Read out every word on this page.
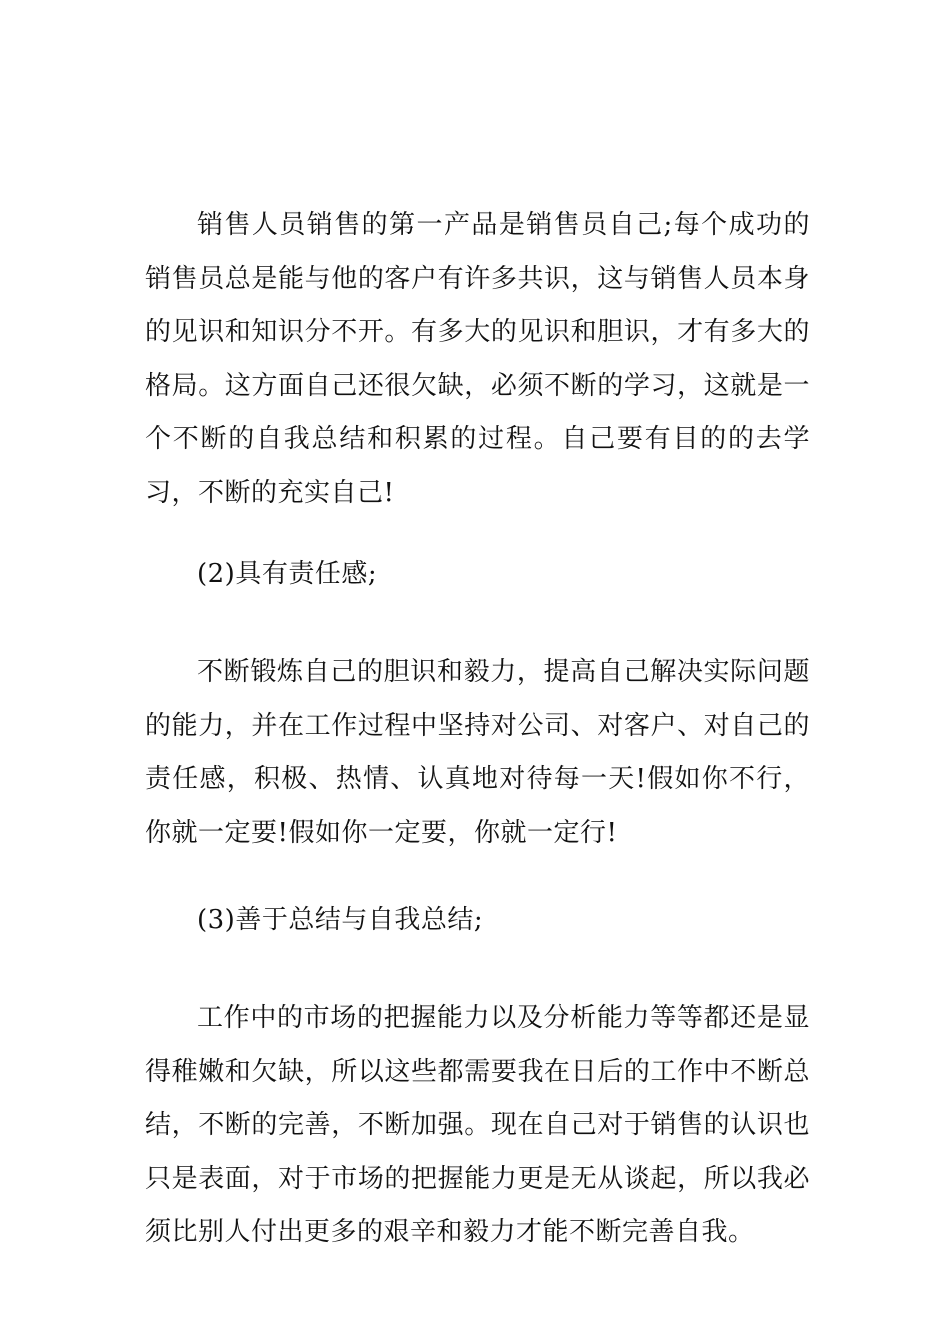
销售人员销售的第一产品是销售员自己;每个成功的销售员总是能与他的客户有许多共识，这与销售人员本身的见识和知识分不开。有多大的见识和胆识，才有多大的格局。这方面自己还很欠缺，必须不断的学习，这就是一个不断的自我总结和积累的过程。自己要有目的的去学习，不断的充实自己!

(2)具有责任感;

不断锻炼自己的胆识和毅力，提高自己解决实际问题的能力，并在工作过程中坚持对公司、对客户、对自己的责任感，积极、热情、认真地对待每一天!假如你不行，你就一定要!假如你一定要，你就一定行!

(3)善于总结与自我总结;

工作中的市场的把握能力以及分析能力等等都还是显得稚嫩和欠缺，所以这些都需要我在日后的工作中不断总结，不断的完善，不断加强。现在自己对于销售的认识也只是表面，对于市场的把握能力更是无从谈起，所以我必须比别人付出更多的艰辛和毅力才能不断完善自我。
